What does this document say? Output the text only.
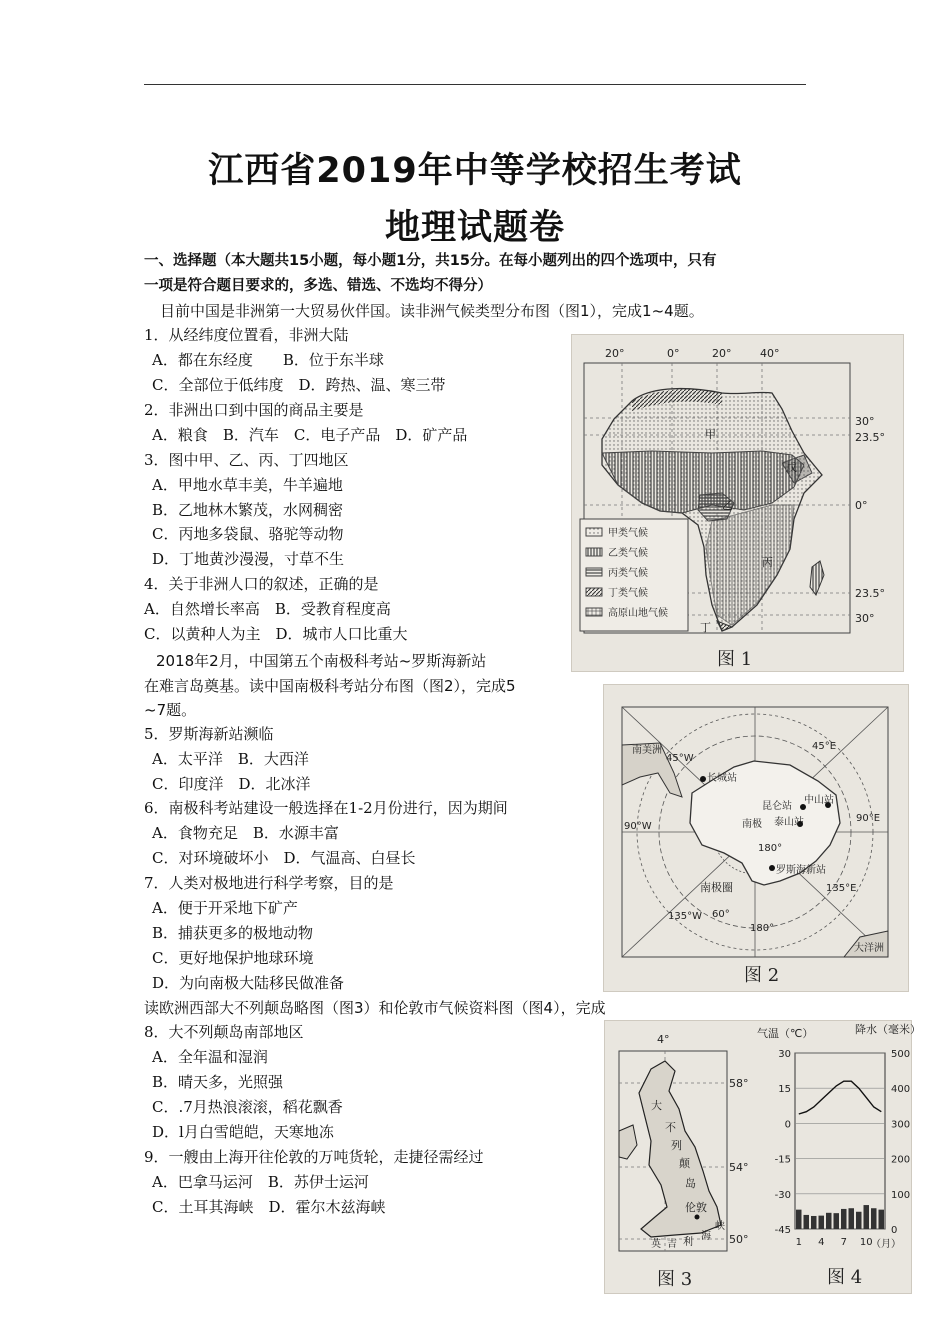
江西省2019年中等学校招生考试
地理试题卷
一、选择题（本大题共15小题，每小题1分，共15分。在每小题列出的四个选项中，只有
一项是符合题目要求的，多选、错选、不选均不得分）
目前中国是非洲第一大贸易伙伴国。读非洲气候类型分布图（图1），完成1~4题。
1．从经纬度位置看，非洲大陆
A．都在东经度　　B．位于东半球
C．全部位于低纬度　D．跨热、温、寒三带
2．非洲出口到中国的商品主要是
A．粮食　B．汽车　C．电子产品　D．矿产品
3．图中甲、乙、丙、丁四地区
A．甲地水草丰美，牛羊遍地
B．乙地林木繁茂，水网稠密
C．丙地多袋鼠、骆驼等动物
D．丁地黄沙漫漫，寸草不生
4．关于非洲人口的叙述，正确的是
A．自然增长率高　B．受教育程度高
C．以黄种人为主　D．城市人口比重大
2018年2月，中国第五个南极科考站~罗斯海新站
在难言岛奠基。读中国南极科考站分布图（图2），完成5
~7题。
5．罗斯海新站濒临
A．太平洋　B．大西洋
C．印度洋　D．北冰洋
6．南极科考站建设一般选择在1-2月份进行，因为期间
A．食物充足　B．水源丰富
C．对环境破坏小　D．气温高、白昼长
7．人类对极地进行科学考察，目的是
A．便于开采地下矿产
B．捕获更多的极地动物
C．更好地保护地球环境
D．为向南极大陆移民做准备
读欧洲西部大不列颠岛略图（图3）和伦敦市气候资料图（图4），完成
8．大不列颠岛南部地区
A．全年温和湿润
B．晴天多，光照强
C．.7月热浪滚滚，稻花飘香
D．l月白雪皑皑，天寒地冻
9．一艘由上海开往伦敦的万吨货轮，走捷径需经过
A．巴拿马运河　B．苏伊士运河
C．土耳其海峡　D．霍尔木兹海峡
20°	0°	20°	40°
30°
23.5°
0°
23.5°
30°
甲
乙
丙
丁
戊
甲类气候
乙类气候
丙类气候
丁类气候
高原山地气候
图 1
南美洲
长城站
昆仑站
中山站
泰山站
南极
罗斯海新站
南极圈
大洋洲
45°W
45°E
90°W
90°E
135°W
135°E
180°
180°
60°
图 2
4°
58°
54°
50°
大
不
列
颠
岛
伦敦
英 吉 利
海
峡
图 3
气温（℃）	降水（毫米）
30
15
0
-15
-30
-45
500
400
300
200
100
0
1 4 7 10
（月）
图 4
